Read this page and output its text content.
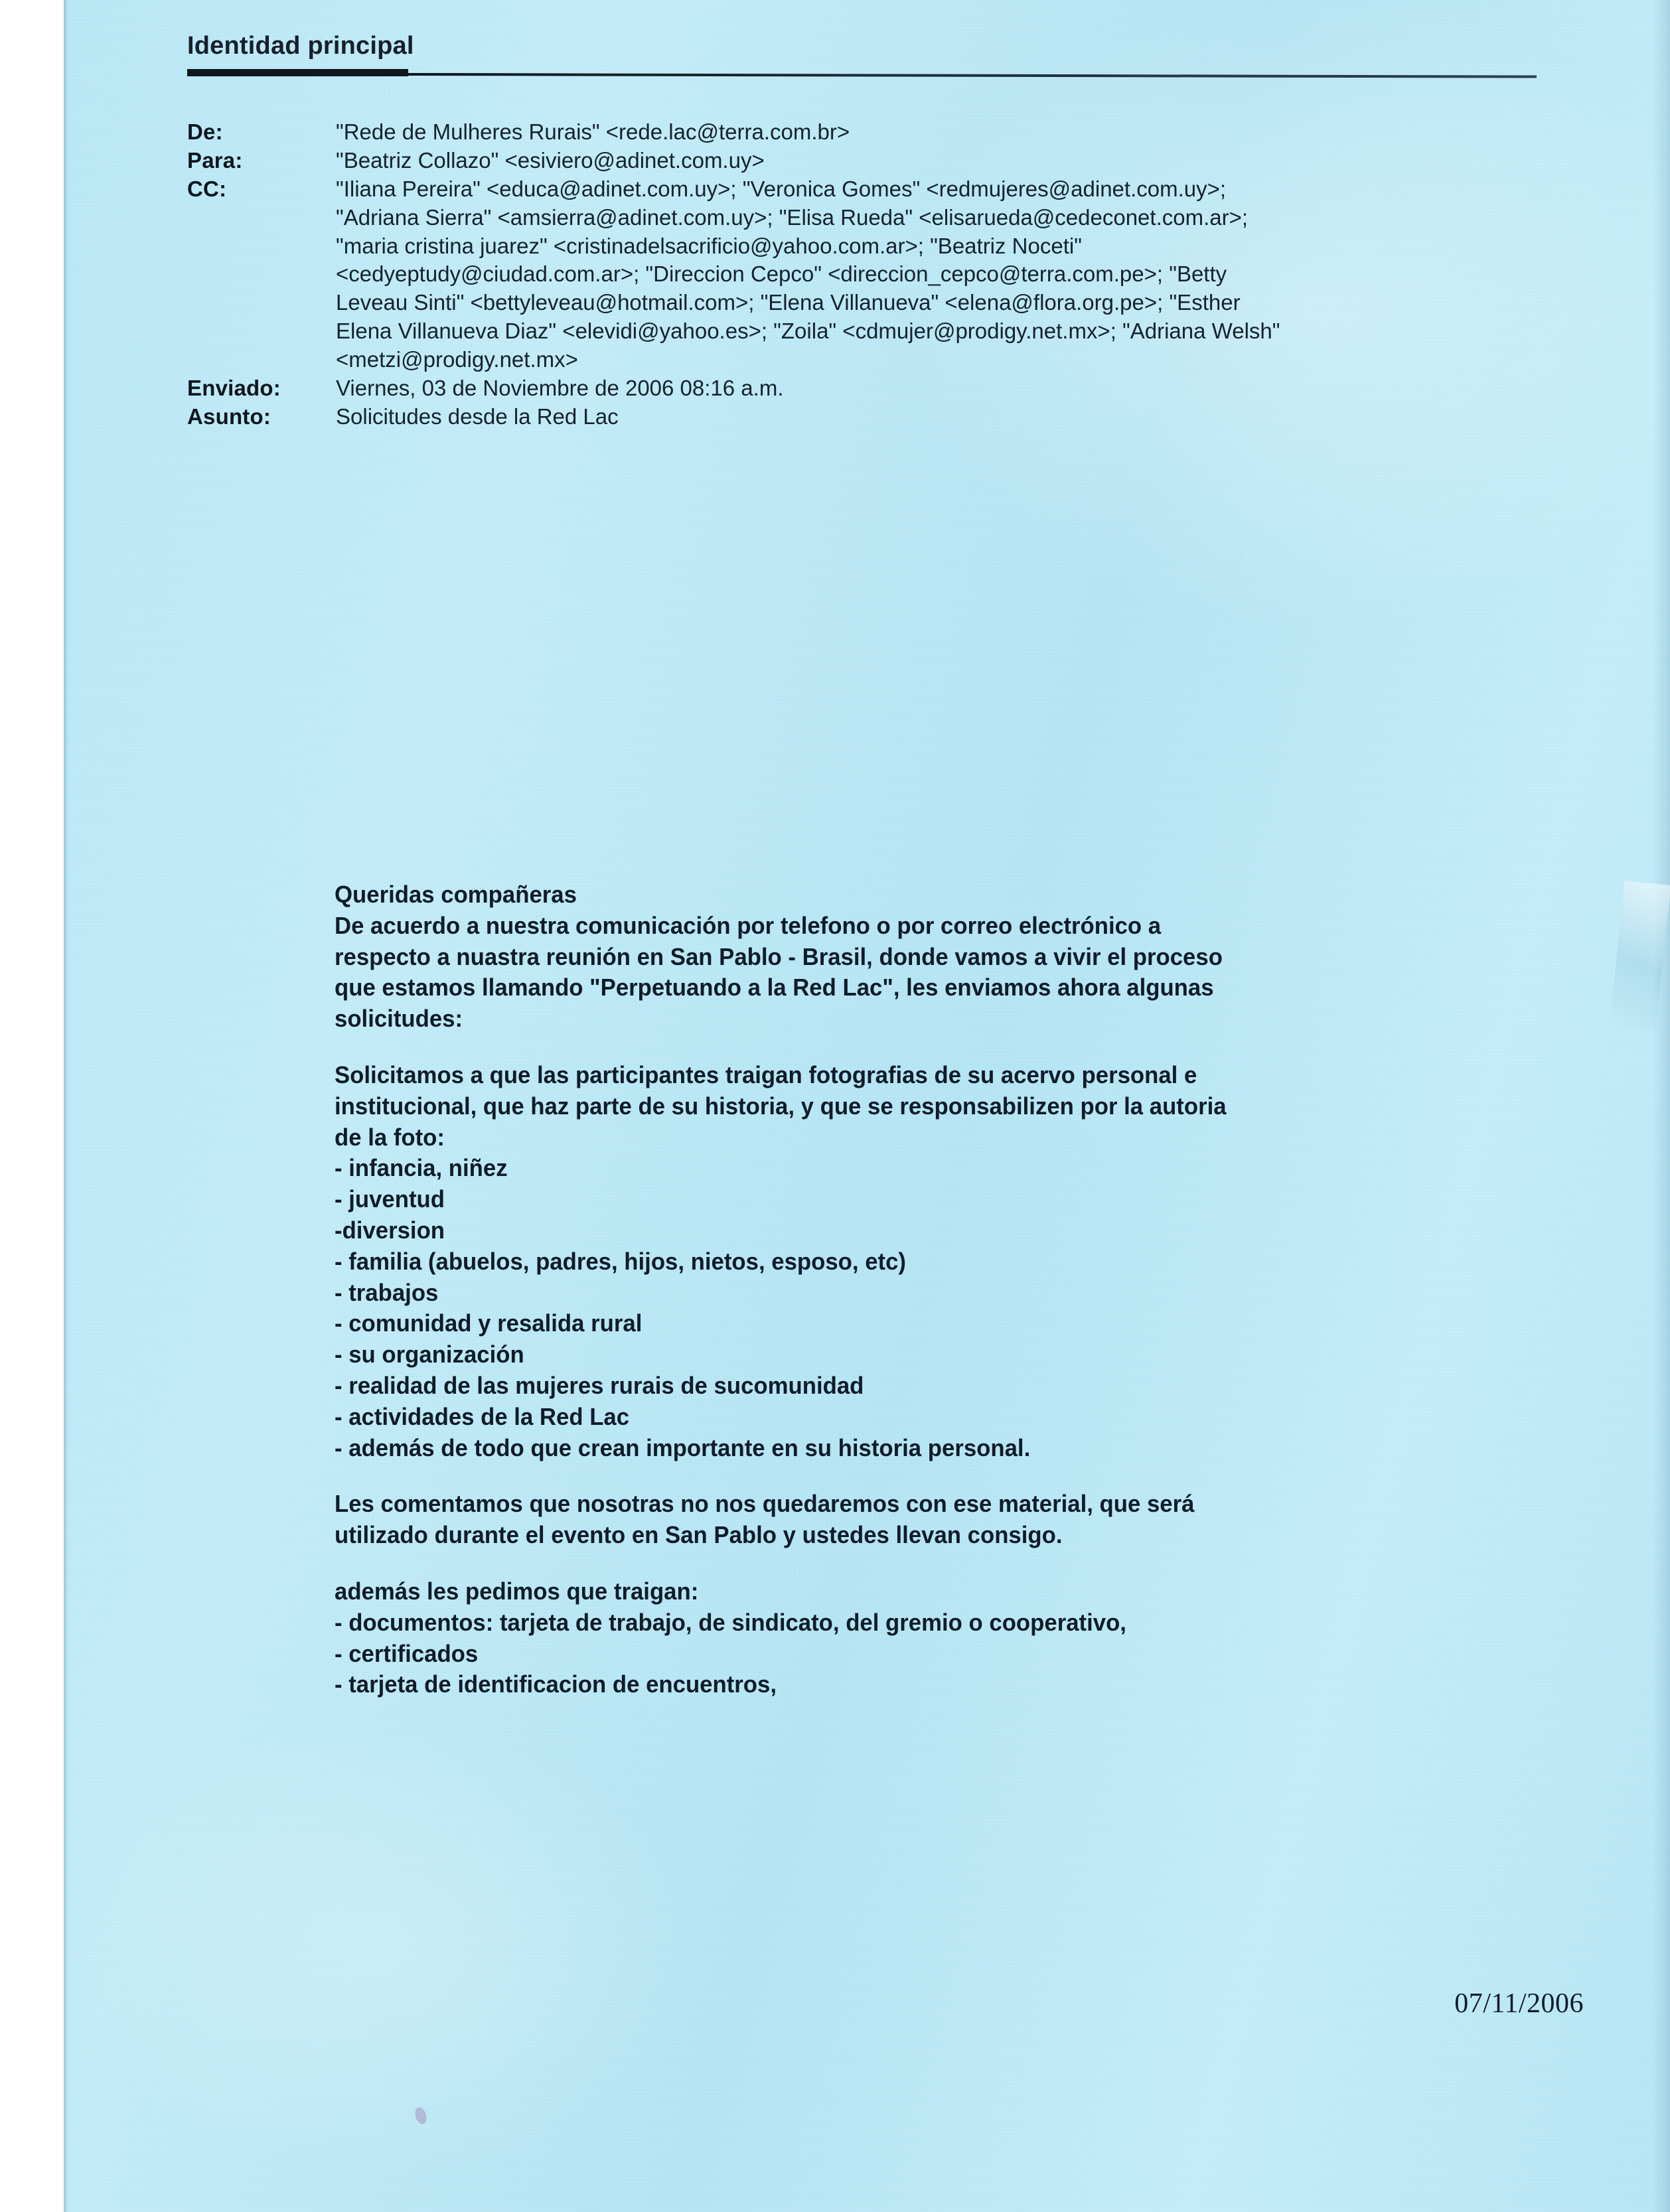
Identidad principal
De:	"Rede de Mulheres Rurais" <rede.lac@terra.com.br>
Para:	"Beatriz Collazo" <esiviero@adinet.com.uy>
CC:	"Iliana Pereira" <educa@adinet.com.uy>; "Veronica Gomes" <redmujeres@adinet.com.uy>;
"Adriana Sierra" <amsierra@adinet.com.uy>; "Elisa Rueda" <elisarueda@cedeconet.com.ar>;
"maria cristina juarez" <cristinadelsacrificio@yahoo.com.ar>; "Beatriz Noceti"
<cedyeptudy@ciudad.com.ar>; "Direccion Cepco" <direccion_cepco@terra.com.pe>; "Betty
Leveau Sinti" <bettyleveau@hotmail.com>; "Elena Villanueva" <elena@flora.org.pe>; "Esther
Elena Villanueva Diaz" <elevidi@yahoo.es>; "Zoila" <cdmujer@prodigy.net.mx>; "Adriana Welsh"
<metzi@prodigy.net.mx>
Enviado:	Viernes, 03 de Noviembre de 2006 08:16 a.m.
Asunto:	Solicitudes desde la Red Lac
Queridas compañeras
De acuerdo a nuestra comunicación por telefono o por correo electrónico a
respecto a nuastra reunión en San Pablo - Brasil, donde vamos a vivir el proceso
que estamos llamando "Perpetuando a la Red Lac", les enviamos ahora algunas
solicitudes:
Solicitamos a que las participantes traigan fotografias de su acervo personal e
institucional, que haz parte de su historia, y que se responsabilizen por la autoria
de la foto:
- infancia, niñez
- juventud
-diversion
- familia (abuelos, padres, hijos, nietos, esposo, etc)
- trabajos
- comunidad y resalida rural
- su organización
- realidad de las mujeres rurais de sucomunidad
- actividades de la Red Lac
- además de todo que crean importante en su historia personal.
Les comentamos que nosotras no nos quedaremos con ese material, que será
utilizado durante el evento en San Pablo y ustedes llevan consigo.
además les pedimos que traigan:
- documentos: tarjeta de trabajo, de sindicato, del gremio o cooperativo,
- certificados
- tarjeta de identificacion de encuentros,
07/11/2006
